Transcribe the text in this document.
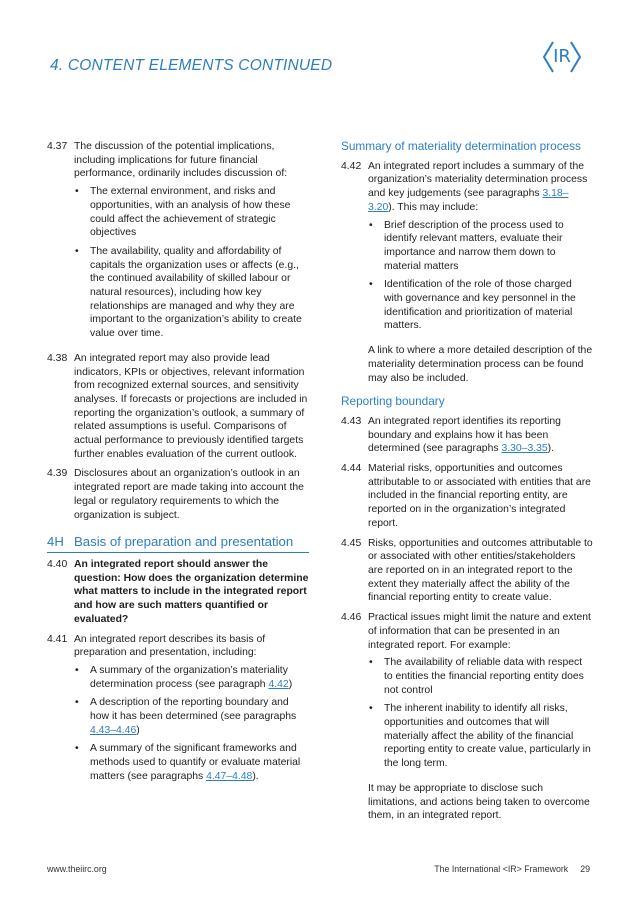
IR
4. CONTENT ELEMENTS CONTINUED
4.37 The discussion of the potential implications, including implications for future financial performance, ordinarily includes discussion of:
•	The external environment, and risks and opportunities, with an analysis of how these could affect the achievement of strategic objectives
•	The availability, quality and affordability of capitals the organization uses or affects (e.g., the continued availability of skilled labour or natural resources), including how key relationships are managed and why they are important to the organization’s ability to create value over time.
4.38 An integrated report may also provide lead indicators, KPIs or objectives, relevant information from recognized external sources, and sensitivity analyses. If forecasts or projections are included in reporting the organization’s outlook, a summary of related assumptions is useful. Comparisons of actual performance to previously identified targets further enables evaluation of the current outlook.
4.39 Disclosures about an organization’s outlook in an integrated report are made taking into account the legal or regulatory requirements to which the organization is subject.
4H Basis of preparation and presentation
4.40 An integrated report should answer the question: How does the organization determine what matters to include in the integrated report and how are such matters quantified or evaluated?
4.41 An integrated report describes its basis of preparation and presentation, including:
•	A summary of the organization’s materiality determination process (see paragraph 4.42)
•	A description of the reporting boundary and how it has been determined (see paragraphs 4.43–4.46)
•	A summary of the significant frameworks and methods used to quantify or evaluate material matters (see paragraphs 4.47–4.48).
Summary of materiality determination process
4.42 An integrated report includes a summary of the organization’s materiality determination process and key judgements (see paragraphs 3.18–3.20). This may include:
•	Brief description of the process used to identify relevant matters, evaluate their importance and narrow them down to material matters
•	Identification of the role of those charged with governance and key personnel in the identification and prioritization of material matters.
A link to where a more detailed description of the materiality determination process can be found may also be included.
Reporting boundary
4.43 An integrated report identifies its reporting boundary and explains how it has been determined (see paragraphs 3.30–3.35).
4.44 Material risks, opportunities and outcomes attributable to or associated with entities that are included in the financial reporting entity, are reported on in the organization’s integrated report.
4.45 Risks, opportunities and outcomes attributable to or associated with other entities/stakeholders are reported on in an integrated report to the extent they materially affect the ability of the financial reporting entity to create value.
4.46 Practical issues might limit the nature and extent of information that can be presented in an integrated report. For example:
•	The availability of reliable data with respect to entities the financial reporting entity does not control
•	The inherent inability to identify all risks, opportunities and outcomes that will materially affect the ability of the financial reporting entity to create value, particularly in the long term.
It may be appropriate to disclose such limitations, and actions being taken to overcome them, in an integrated report.
www.theiirc.org	The International <IR> Framework 29
